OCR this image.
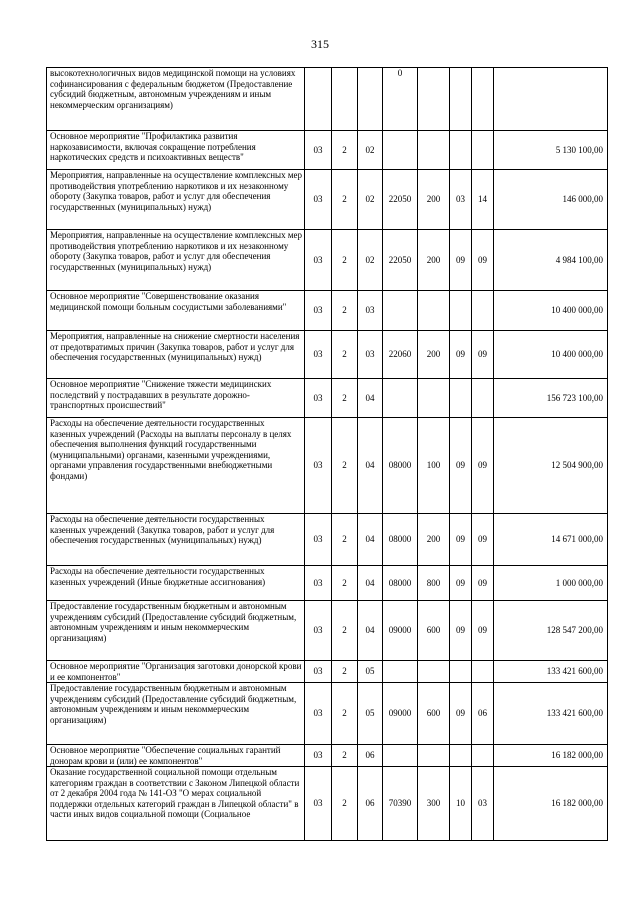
315
высокотехнологичных видов медицинской помощи на условиях софинансирования с федеральным бюджетом (Предоставление субсидий бюджетным, автономным учреждениям и иным некоммерческим организациям)				0				
Основное мероприятие "Профилактика развития наркозависимости, включая сокращение потребления наркотических средств и психоактивных веществ"	03	2	02					5 130 100,00
Мероприятия, направленные на осуществление комплексных мер противодействия употреблению наркотиков и их незаконному обороту (Закупка товаров, работ и услуг для обеспечения государственных (муниципальных) нужд)	03	2	02	22050	200	03	14	146 000,00
Мероприятия, направленные на осуществление комплексных мер противодействия употреблению наркотиков и их незаконному обороту (Закупка товаров, работ и услуг для обеспечения государственных (муниципальных) нужд)	03	2	02	22050	200	09	09	4 984 100,00
Основное мероприятие "Совершенствование оказания медицинской помощи больным сосудистыми заболеваниями"	03	2	03					10 400 000,00
Мероприятия, направленные на снижение смертности населения от предотвратимых причин (Закупка товаров, работ и услуг для обеспечения государственных (муниципальных) нужд)	03	2	03	22060	200	09	09	10 400 000,00
Основное мероприятие "Снижение тяжести медицинских последствий у пострадавших в результате дорожно-транспортных происшествий"	03	2	04					156 723 100,00
Расходы на обеспечение деятельности государственных казенных учреждений (Расходы на выплаты персоналу в целях обеспечения выполнения функций государственными (муниципальными) органами, казенными учреждениями, органами управления государственными внебюджетными фондами)	03	2	04	08000	100	09	09	12 504 900,00
Расходы на обеспечение деятельности государственных казенных учреждений (Закупка товаров, работ и услуг для обеспечения государственных (муниципальных) нужд)	03	2	04	08000	200	09	09	14 671 000,00
Расходы на обеспечение деятельности государственных казенных учреждений (Иные бюджетные ассигнования)	03	2	04	08000	800	09	09	1 000 000,00
Предоставление государственным бюджетным и автономным учреждениям субсидий (Предоставление субсидий бюджетным, автономным учреждениям и иным некоммерческим организациям)	03	2	04	09000	600	09	09	128 547 200,00
Основное мероприятие "Организация заготовки донорской крови и ее компонентов"	03	2	05					133 421 600,00
Предоставление государственным бюджетным и автономным учреждениям субсидий (Предоставление субсидий бюджетным, автономным учреждениям и иным некоммерческим организациям)	03	2	05	09000	600	09	06	133 421 600,00
Основное мероприятие "Обеспечение социальных гарантий донорам крови и (или) ее компонентов"	03	2	06					16 182 000,00
Оказание государственной социальной помощи отдельным категориям граждан в соответствии с Законом Липецкой области от 2 декабря 2004 года № 141-ОЗ "О мерах социальной поддержки отдельных категорий граждан в Липецкой области" в части иных видов социальной помощи (Социальное	03	2	06	70390	300	10	03	16 182 000,00
